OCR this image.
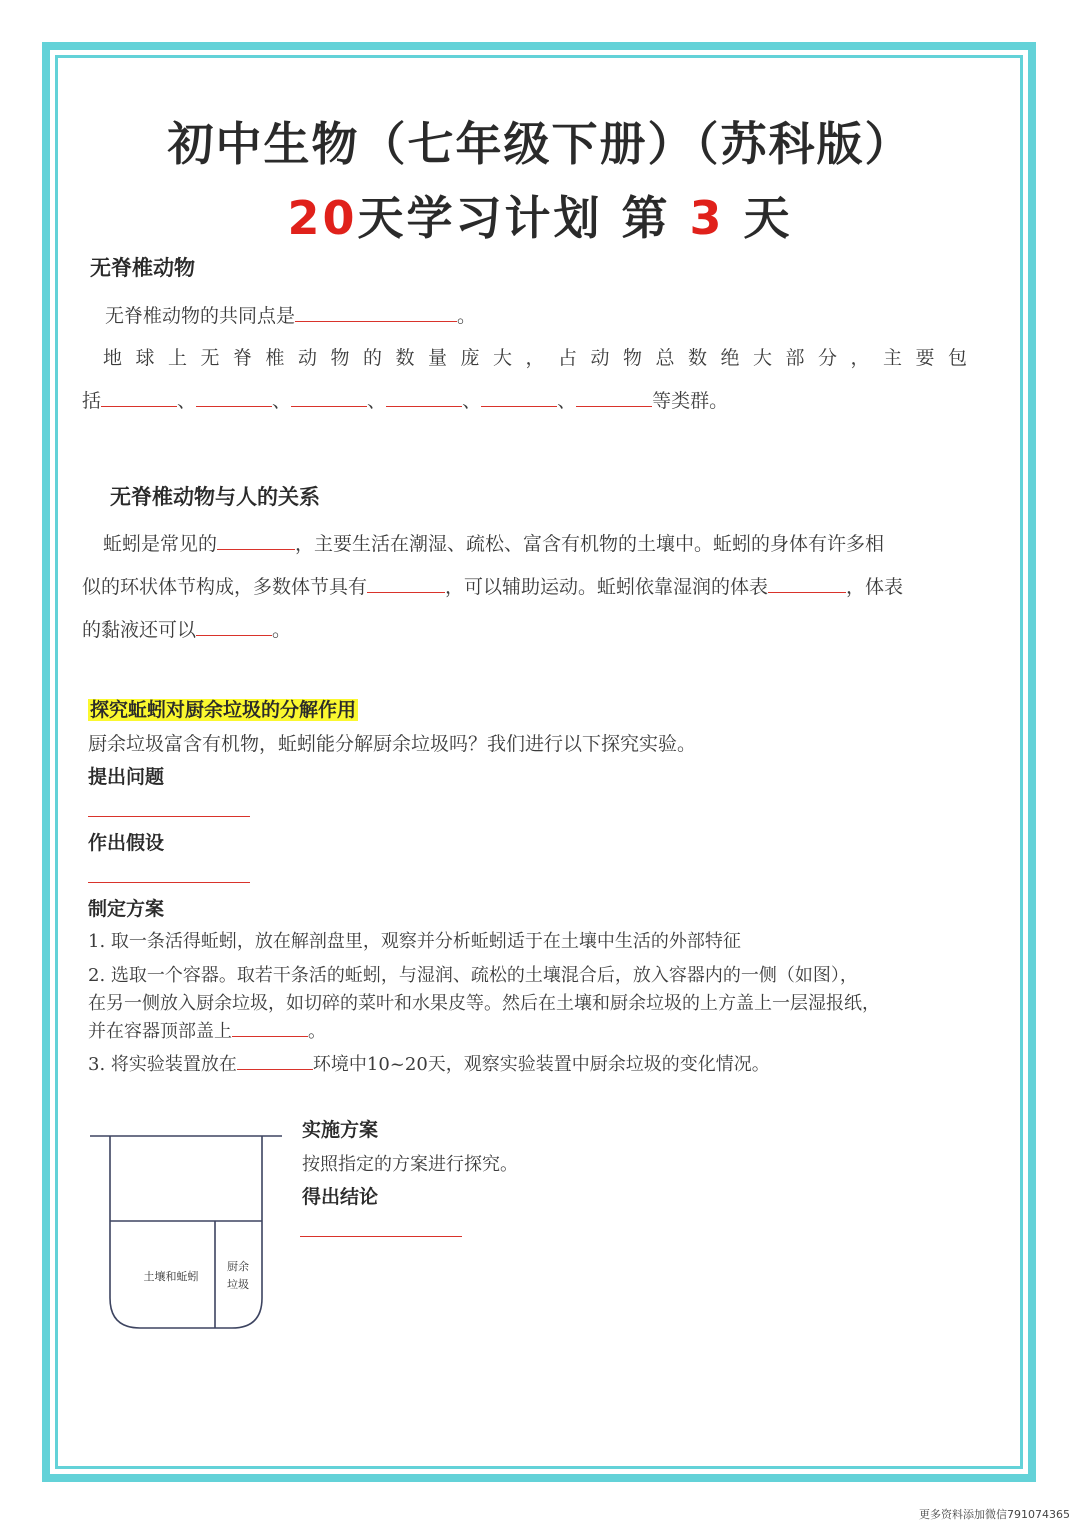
初中生物（七年级下册）（苏科版）
20天学习计划 第 3 天
无脊椎动物
无脊椎动物的共同点是	。
地球上无脊椎动物的数量庞大，占动物总数绝大部分，主要包
括	、	、	、	、	、	等类群。
无脊椎动物与人的关系
蚯蚓是常见的	，主要生活在潮湿、疏松、富含有机物的土壤中。蚯蚓的身体有许多相
似的环状体节构成，多数体节具有	，可以辅助运动。蚯蚓依靠湿润的体表	，体表
的黏液还可以	。
探究蚯蚓对厨余垃圾的分解作用
厨余垃圾富含有机物，蚯蚓能分解厨余垃圾吗？我们进行以下探究实验。
提出问题
作出假设
制定方案
1. 取一条活得蚯蚓，放在解剖盘里，观察并分析蚯蚓适于在土壤中生活的外部特征
2. 选取一个容器。取若干条活的蚯蚓，与湿润、疏松的土壤混合后，放入容器内的一侧（如图），
在另一侧放入厨余垃圾，如切碎的菜叶和水果皮等。然后在土壤和厨余垃圾的上方盖上一层湿报纸，
并在容器顶部盖上	。
3. 将实验装置放在	环境中10~20天，观察实验装置中厨余垃圾的变化情况。
土壤和蚯蚓
厨余
垃圾
实施方案
按照指定的方案进行探究。
得出结论
更多资料添加微信791074365
